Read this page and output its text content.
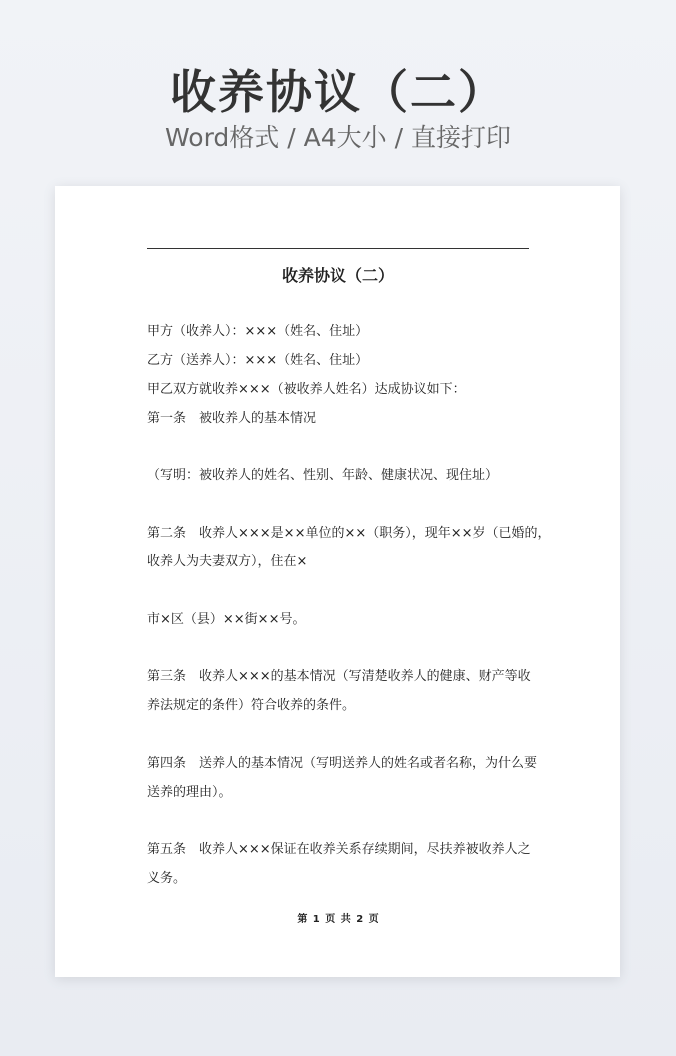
收养协议（二）
Word格式 / A4大小 / 直接打印
收养协议（二）
甲方（收养人）：×××（姓名、住址）
乙方（送养人）：×××（姓名、住址）
甲乙双方就收养×××（被收养人姓名）达成协议如下：
第一条　被收养人的基本情况
（写明：被收养人的姓名、性别、年龄、健康状况、现住址）
第二条　收养人×××是××单位的××（职务），现年××岁（已婚的，
收养人为夫妻双方），住在×
市×区（县）××街××号。
第三条　收养人×××的基本情况（写清楚收养人的健康、财产等收
养法规定的条件）符合收养的条件。
第四条　送养人的基本情况（写明送养人的姓名或者名称，为什么要
送养的理由）。
第五条　收养人×××保证在收养关系存续期间，尽扶养被收养人之
义务。
第 1 页 共 2 页
